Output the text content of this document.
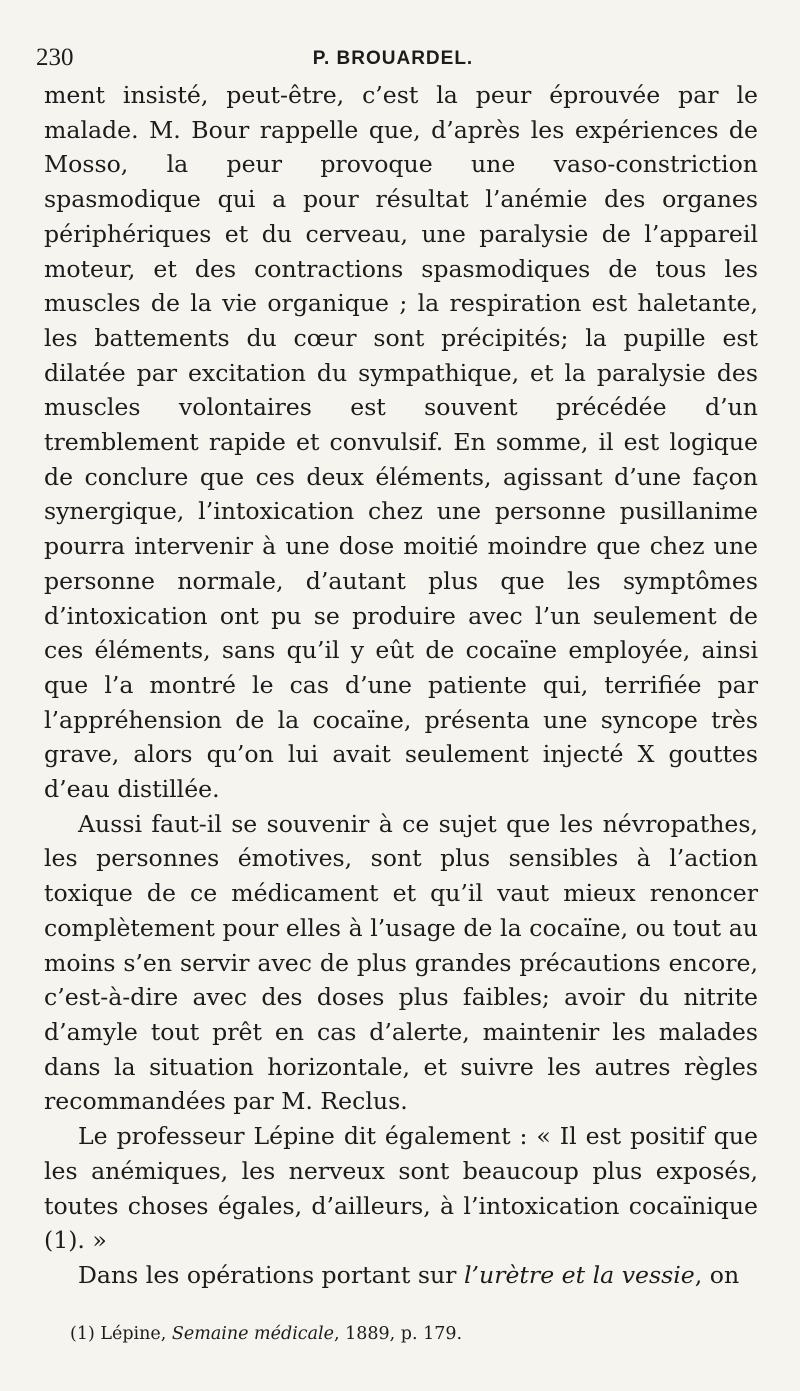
230	P. BROUARDEL.

ment insisté, peut-être, c’est la peur éprouvée par le malade. M. Bour rappelle que, d’après les expériences de Mosso, la peur provoque une vaso-constriction spasmodique qui a pour résultat l’anémie des organes périphériques et du cerveau, une paralysie de l’appareil moteur, et des contractions spasmodiques de tous les muscles de la vie organique ; la respiration est haletante, les battements du cœur sont précipités; la pupille est dilatée par excitation du sympathique, et la paralysie des muscles volontaires est souvent précédée d’un tremblement rapide et convulsif. En somme, il est logique de conclure que ces deux éléments, agissant d’une façon synergique, l’intoxication chez une personne pusillanime pourra intervenir à une dose moitié moindre que chez une personne normale, d’autant plus que les symptômes d’intoxication ont pu se produire avec l’un seulement de ces éléments, sans qu’il y eût de cocaïne employée, ainsi que l’a montré le cas d’une patiente qui, terrifiée par l’appréhension de la cocaïne, présenta une syncope très grave, alors qu’on lui avait seulement injecté X gouttes d’eau distillée.

Aussi faut-il se souvenir à ce sujet que les névropathes, les personnes émotives, sont plus sensibles à l’action toxique de ce médicament et qu’il vaut mieux renoncer complètement pour elles à l’usage de la cocaïne, ou tout au moins s’en servir avec de plus grandes précautions encore, c’est-à-dire avec des doses plus faibles; avoir du nitrite d’amyle tout prêt en cas d’alerte, maintenir les malades dans la situation horizontale, et suivre les autres règles recommandées par M. Reclus.

Le professeur Lépine dit également : « Il est positif que les anémiques, les nerveux sont beaucoup plus exposés, toutes choses égales, d’ailleurs, à l’intoxication cocaïnique (1). »

Dans les opérations portant sur l’urètre et la vessie, on

(1) Lépine, Semaine médicale, 1889, p. 179.
